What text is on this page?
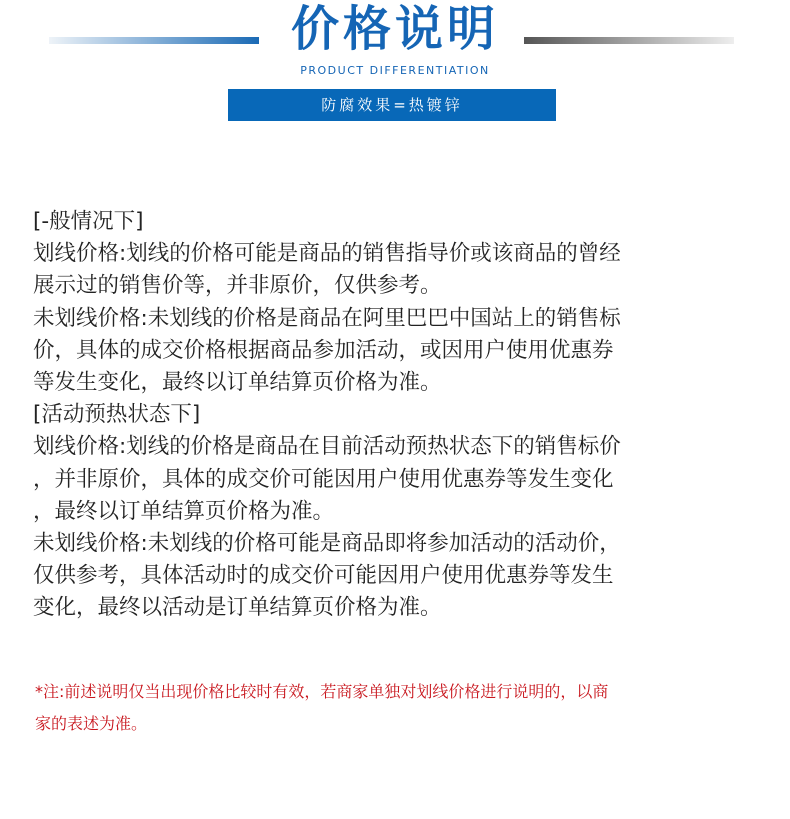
价格说明
PRODUCT DIFFERENTIATION
防腐效果=热镀锌
[-般情况下]
划线价格:划线的价格可能是商品的销售指导价或该商品的曾经
展示过的销售价等，并非原价，仅供参考。
未划线价格:未划线的价格是商品在阿里巴巴中国站上的销售标
价，具体的成交价格根据商品参加活动，或因用户使用优惠券
等发生变化，最终以订单结算页价格为准。
[活动预热状态下]
划线价格:划线的价格是商品在目前活动预热状态下的销售标价
，并非原价，具体的成交价可能因用户使用优惠券等发生变化
，最终以订单结算页价格为准。
未划线价格:未划线的价格可能是商品即将参加活动的活动价，
仅供参考，具体活动时的成交价可能因用户使用优惠券等发生
变化，最终以活动是订单结算页价格为准。
*注:前述说明仅当出现价格比较时有效，若商家单独对划线价格进行说明的，以商
家的表述为准。
